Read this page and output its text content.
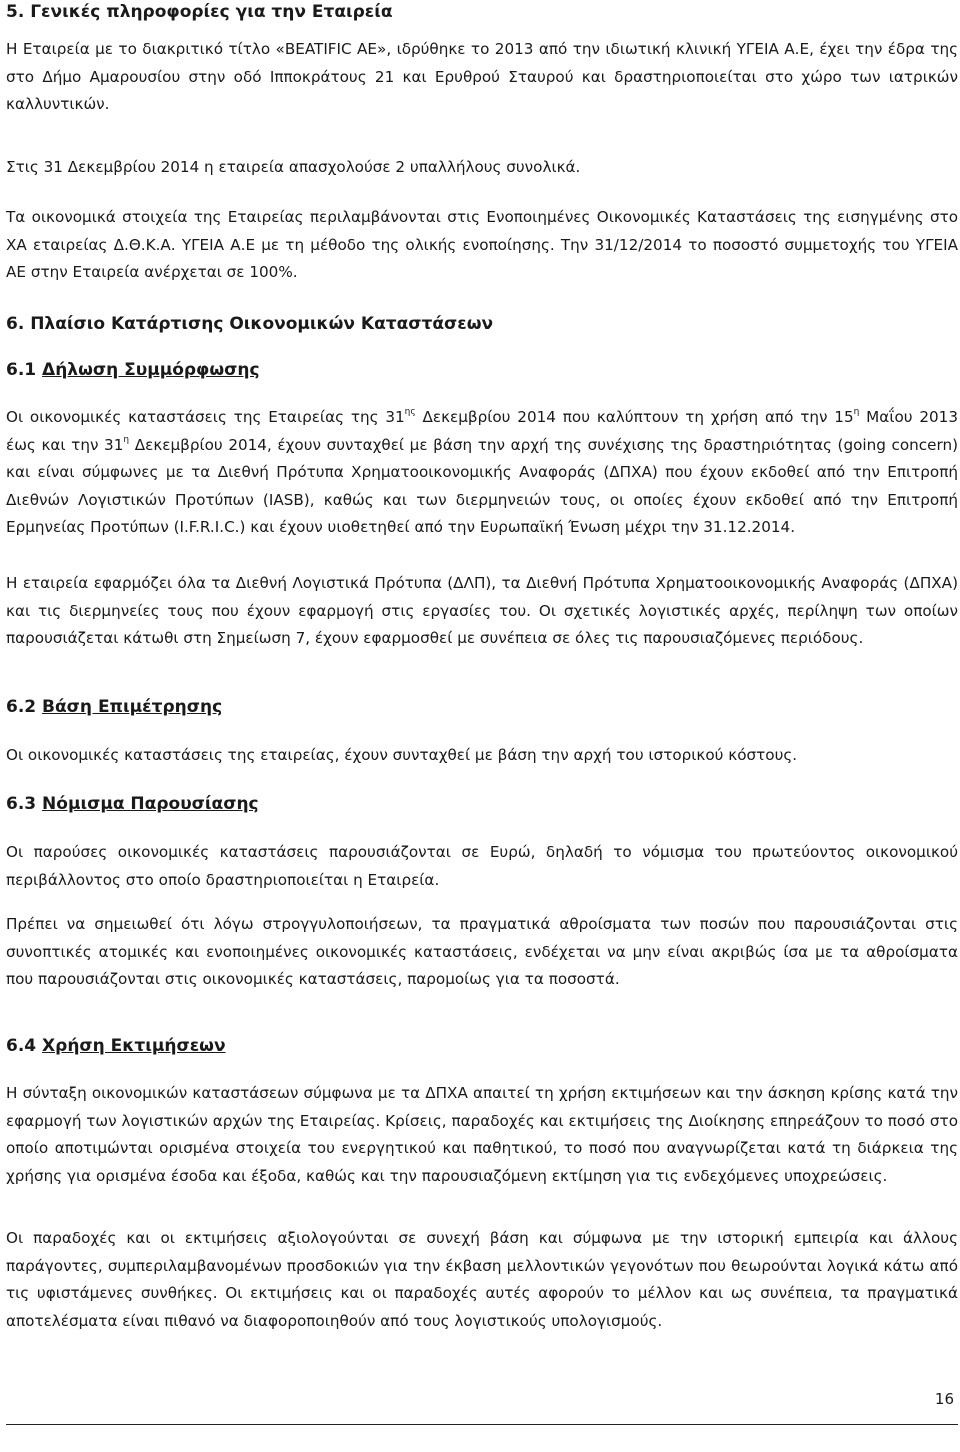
5. Γενικές πληροφορίες για την Εταιρεία

Η Εταιρεία με το διακριτικό τίτλο «BEATIFIC AE», ιδρύθηκε το 2013 από την ιδιωτική κλινική ΥΓΕΙΑ Α.Ε, έχει την έδρα της στο Δήμο Αμαρουσίου στην οδό Ιπποκράτους 21 και Ερυθρού Σταυρού και δραστηριοποιείται στο χώρο των ιατρικών καλλυντικών.

Στις 31 Δεκεμβρίου 2014 η εταιρεία απασχολούσε 2 υπαλλήλους συνολικά.

Τα οικονομικά στοιχεία της Εταιρείας περιλαμβάνονται στις Ενοποιημένες Οικονομικές Καταστάσεις της εισηγμένης στο ΧΑ εταιρείας Δ.Θ.Κ.Α. ΥΓΕΙΑ Α.Ε με τη μέθοδο της ολικής ενοποίησης. Την 31/12/2014 το ποσοστό συμμετοχής του ΥΓΕΙΑ ΑΕ στην Εταιρεία ανέρχεται σε 100%.

6. Πλαίσιο Κατάρτισης Οικονομικών Καταστάσεων
6.1 Δήλωση Συμμόρφωσης

Οι οικονομικές καταστάσεις της Εταιρείας της $31^{\eta\varsigma}$ Δεκεμβρίου 2014 που καλύπτουν τη χρήση από την $15^\eta$ Μαΐου 2013 έως και την $31^\eta$ Δεκεμβρίου 2014, έχουν συνταχθεί με βάση την αρχή της συνέχισης της δραστηριότητας (going concern) και είναι σύμφωνες με τα Διεθνή Πρότυπα Χρηματοοικονομικής Αναφοράς (ΔΠΧΑ) που έχουν εκδοθεί από την Επιτροπή Διεθνών Λογιστικών Προτύπων (IASB), καθώς και των διερμηνειών τους, οι οποίες έχουν εκδοθεί από την Επιτροπή Ερμηνείας Προτύπων (I.F.R.I.C.) και έχουν υιοθετηθεί από την Ευρωπαϊκή Ένωση μέχρι την 31.12.2014.

Η εταιρεία εφαρμόζει όλα τα Διεθνή Λογιστικά Πρότυπα (ΔΛΠ), τα Διεθνή Πρότυπα Χρηματοοικονομικής Αναφοράς (ΔΠΧΑ) και τις διερμηνείες τους που έχουν εφαρμογή στις εργασίες του. Οι σχετικές λογιστικές αρχές, περίληψη των οποίων παρουσιάζεται κάτωθι στη Σημείωση 7, έχουν εφαρμοσθεί με συνέπεια σε όλες τις παρουσιαζόμενες περιόδους.

6.2 Βάση Επιμέτρησης

Οι οικονομικές καταστάσεις της εταιρείας, έχουν συνταχθεί με βάση την αρχή του ιστορικού κόστους.

6.3 Νόμισμα Παρουσίασης

Οι παρούσες οικονομικές καταστάσεις παρουσιάζονται σε Ευρώ, δηλαδή το νόμισμα του πρωτεύοντος οικονομικού περιβάλλοντος στο οποίο δραστηριοποιείται η Εταιρεία.

Πρέπει να σημειωθεί ότι λόγω στρογγυλοποιήσεων, τα πραγματικά αθροίσματα των ποσών που παρουσιάζονται στις συνοπτικές ατομικές και ενοποιημένες οικονομικές καταστάσεις, ενδέχεται να μην είναι ακριβώς ίσα με τα αθροίσματα που παρουσιάζονται στις οικονομικές καταστάσεις, παρομοίως για τα ποσοστά.

6.4 Χρήση Εκτιμήσεων

Η σύνταξη οικονομικών καταστάσεων σύμφωνα με τα ΔΠΧΑ απαιτεί τη χρήση εκτιμήσεων και την άσκηση κρίσης κατά την εφαρμογή των λογιστικών αρχών της Εταιρείας. Κρίσεις, παραδοχές και εκτιμήσεις της Διοίκησης επηρεάζουν το ποσό στο οποίο αποτιμώνται ορισμένα στοιχεία του ενεργητικού και παθητικού, το ποσό που αναγνωρίζεται κατά τη διάρκεια της χρήσης για ορισμένα έσοδα και έξοδα, καθώς και την παρουσιαζόμενη εκτίμηση για τις ενδεχόμενες υποχρεώσεις.

Οι παραδοχές και οι εκτιμήσεις αξιολογούνται σε συνεχή βάση και σύμφωνα με την ιστορική εμπειρία και άλλους παράγοντες, συμπεριλαμβανομένων προσδοκιών για την έκβαση μελλοντικών γεγονότων που θεωρούνται λογικά κάτω από τις υφιστάμενες συνθήκες. Οι εκτιμήσεις και οι παραδοχές αυτές αφορούν το μέλλον και ως συνέπεια, τα πραγματικά αποτελέσματα είναι πιθανό να διαφοροποιηθούν από τους λογιστικούς υπολογισμούς.

16
